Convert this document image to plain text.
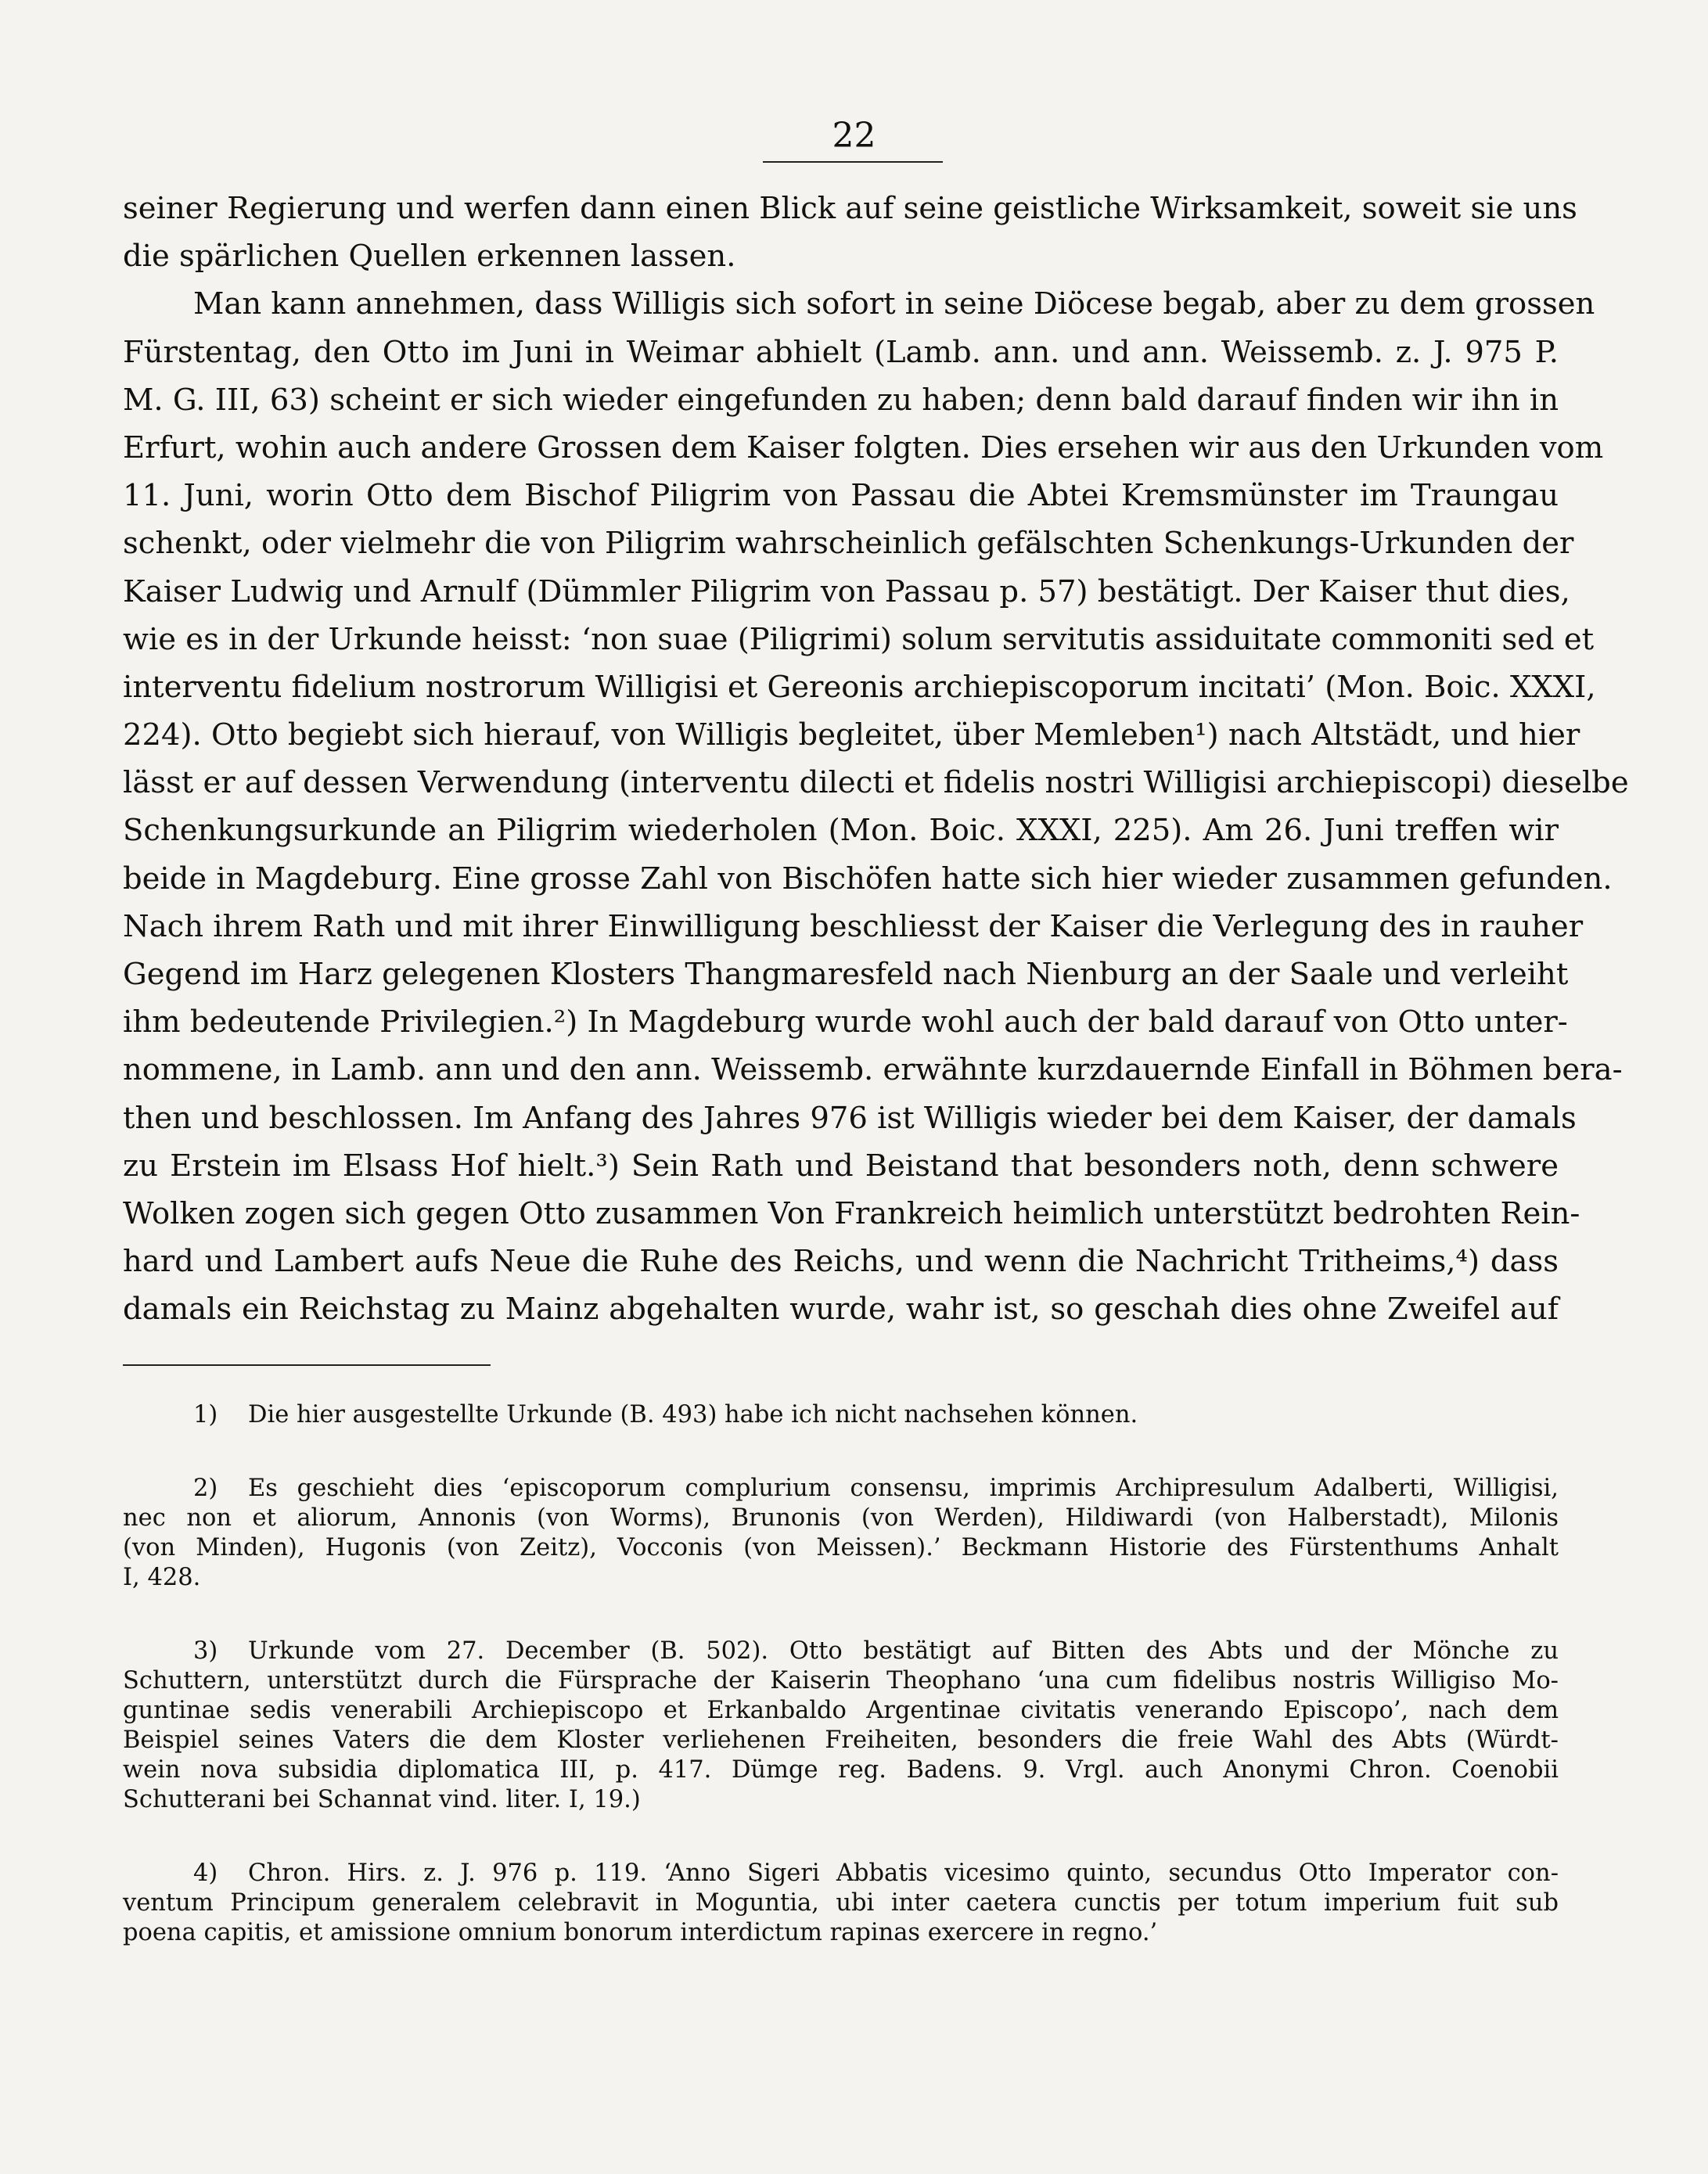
22
seiner Regierung und werfen dann einen Blick auf seine geistliche Wirksamkeit, soweit sie uns
die spärlichen Quellen erkennen lassen.
Man kann annehmen, dass Willigis sich sofort in seine Diöcese begab, aber zu dem grossen
Fürstentag, den Otto im Juni in Weimar abhielt (Lamb. ann. und ann. Weissemb. z. J. 975 P.
M. G. III, 63) scheint er sich wieder eingefunden zu haben; denn bald darauf finden wir ihn in
Erfurt, wohin auch andere Grossen dem Kaiser folgten. Dies ersehen wir aus den Urkunden vom
11. Juni, worin Otto dem Bischof Piligrim von Passau die Abtei Kremsmünster im Traungau
schenkt, oder vielmehr die von Piligrim wahrscheinlich gefälschten Schenkungs-Urkunden der
Kaiser Ludwig und Arnulf (Dümmler Piligrim von Passau p. 57) bestätigt. Der Kaiser thut dies,
wie es in der Urkunde heisst: ‘non suae (Piligrimi) solum servitutis assiduitate commoniti sed et
interventu fidelium nostrorum Willigisi et Gereonis archiepiscoporum incitati’ (Mon. Boic. XXXI,
224). Otto begiebt sich hierauf, von Willigis begleitet, über Memleben¹) nach Altstädt, und hier
lässt er auf dessen Verwendung (interventu dilecti et fidelis nostri Willigisi archiepiscopi) dieselbe
Schenkungsurkunde an Piligrim wiederholen (Mon. Boic. XXXI, 225). Am 26. Juni treffen wir
beide in Magdeburg. Eine grosse Zahl von Bischöfen hatte sich hier wieder zusammen gefunden.
Nach ihrem Rath und mit ihrer Einwilligung beschliesst der Kaiser die Verlegung des in rauher
Gegend im Harz gelegenen Klosters Thangmaresfeld nach Nienburg an der Saale und verleiht
ihm bedeutende Privilegien.²) In Magdeburg wurde wohl auch der bald darauf von Otto unter-
nommene, in Lamb. ann und den ann. Weissemb. erwähnte kurzdauernde Einfall in Böhmen bera-
then und beschlossen. Im Anfang des Jahres 976 ist Willigis wieder bei dem Kaiser, der damals
zu Erstein im Elsass Hof hielt.³) Sein Rath und Beistand that besonders noth, denn schwere
Wolken zogen sich gegen Otto zusammen Von Frankreich heimlich unterstützt bedrohten Rein-
hard und Lambert aufs Neue die Ruhe des Reichs, und wenn die Nachricht Tritheims,⁴) dass
damals ein Reichstag zu Mainz abgehalten wurde, wahr ist, so geschah dies ohne Zweifel auf
1) Die hier ausgestellte Urkunde (B. 493) habe ich nicht nachsehen können.
2) Es geschieht dies ‘episcoporum complurium consensu, imprimis Archipresulum Adalberti, Willigisi,
nec non et aliorum, Annonis (von Worms), Brunonis (von Werden), Hildiwardi (von Halberstadt), Milonis
(von Minden), Hugonis (von Zeitz), Vocconis (von Meissen).’ Beckmann Historie des Fürstenthums Anhalt
I, 428.
3) Urkunde vom 27. December (B. 502). Otto bestätigt auf Bitten des Abts und der Mönche zu
Schuttern, unterstützt durch die Fürsprache der Kaiserin Theophano ‘una cum fidelibus nostris Willigiso Mo-
guntinae sedis venerabili Archiepiscopo et Erkanbaldo Argentinae civitatis venerando Episcopo’, nach dem
Beispiel seines Vaters die dem Kloster verliehenen Freiheiten, besonders die freie Wahl des Abts (Würdt-
wein nova subsidia diplomatica III, p. 417. Dümge reg. Badens. 9. Vrgl. auch Anonymi Chron. Coenobii
Schutterani bei Schannat vind. liter. I, 19.)
4) Chron. Hirs. z. J. 976 p. 119. ‘Anno Sigeri Abbatis vicesimo quinto, secundus Otto Imperator con-
ventum Principum generalem celebravit in Moguntia, ubi inter caetera cunctis per totum imperium fuit sub
poena capitis, et amissione omnium bonorum interdictum rapinas exercere in regno.’
